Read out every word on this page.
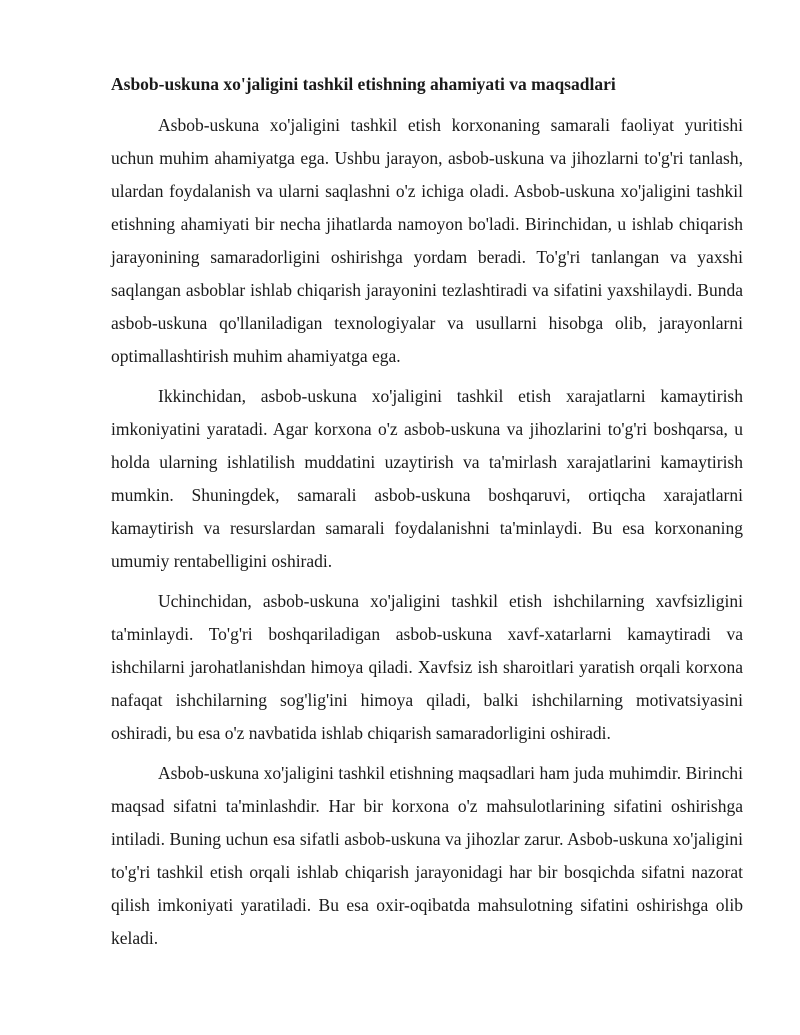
Asbob-uskuna xo'jaligini tashkil etishning ahamiyati va maqsadlari

Asbob-uskuna xo'jaligini tashkil etish korxonaning samarali faoliyat yuritishi uchun muhim ahamiyatga ega. Ushbu jarayon, asbob-uskuna va jihozlarni to'g'ri tanlash, ulardan foydalanish va ularni saqlashni o'z ichiga oladi. Asbob-uskuna xo'jaligini tashkil etishning ahamiyati bir necha jihatlarda namoyon bo'ladi. Birinchidan, u ishlab chiqarish jarayonining samaradorligini oshirishga yordam beradi. To'g'ri tanlangan va yaxshi saqlangan asboblar ishlab chiqarish jarayonini tezlashtiradi va sifatini yaxshilaydi. Bunda asbob-uskuna qo'llaniladigan texnologiyalar va usullarni hisobga olib, jarayonlarni optimallashtirish muhim ahamiyatga ega.

Ikkinchidan, asbob-uskuna xo'jaligini tashkil etish xarajatlarni kamaytirish imkoniyatini yaratadi. Agar korxona o'z asbob-uskuna va jihozlarini to'g'ri boshqarsa, u holda ularning ishlatilish muddatini uzaytirish va ta'mirlash xarajatlarini kamaytirish mumkin. Shuningdek, samarali asbob-uskuna boshqaruvi, ortiqcha xarajatlarni kamaytirish va resurslardan samarali foydalanishni ta'minlaydi. Bu esa korxonaning umumiy rentabelligini oshiradi.

Uchinchidan, asbob-uskuna xo'jaligini tashkil etish ishchilarning xavfsizligini ta'minlaydi. To'g'ri boshqariladigan asbob-uskuna xavf-xatarlarni kamaytiradi va ishchilarni jarohatlanishdan himoya qiladi. Xavfsiz ish sharoitlari yaratish orqali korxona nafaqat ishchilarning sog'lig'ini himoya qiladi, balki ishchilarning motivatsiyasini oshiradi, bu esa o'z navbatida ishlab chiqarish samaradorligini oshiradi.

Asbob-uskuna xo'jaligini tashkil etishning maqsadlari ham juda muhimdir. Birinchi maqsad sifatni ta'minlashdir. Har bir korxona o'z mahsulotlarining sifatini oshirishga intiladi. Buning uchun esa sifatli asbob-uskuna va jihozlar zarur. Asbob-uskuna xo'jaligini to'g'ri tashkil etish orqali ishlab chiqarish jarayonidagi har bir bosqichda sifatni nazorat qilish imkoniyati yaratiladi. Bu esa oxir-oqibatda mahsulotning sifatini oshirishga olib keladi.
